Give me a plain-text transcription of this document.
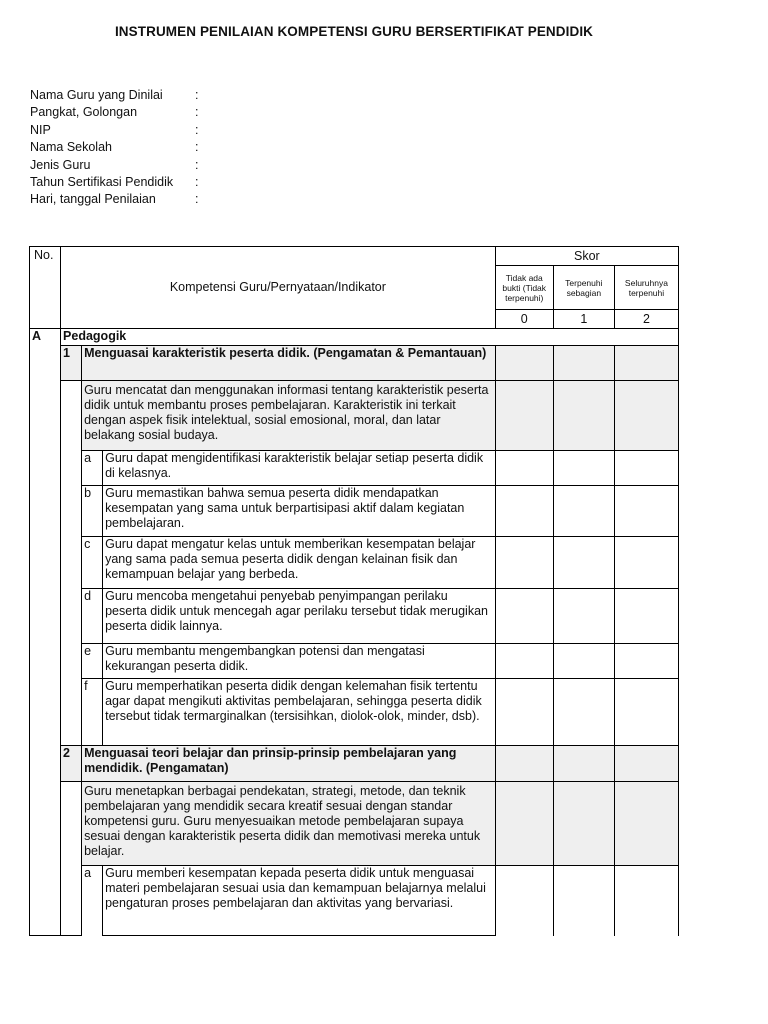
INSTRUMEN PENILAIAN KOMPETENSI GURU BERSERTIFIKAT PENDIDIK
Nama Guru yang Dinilai	:
Pangkat, Golongan	:
NIP	:
Nama Sekolah	:
Jenis Guru	:
Tahun Sertifikasi Pendidik	:
Hari, tanggal Penilaian	:
No.	Kompetensi Guru/Pernyataan/Indikator			Skor		
				Tidak ada bukti (Tidak terpenuhi)	Terpenuhi sebagian	Seluruhnya terpenuhi
				0	1	2
A	Pedagogik					
	1	Menguasai karakteristik peserta didik. (Pengamatan & Pemantauan)				
		Guru mencatat dan menggunakan informasi tentang karakteristik peserta didik untuk membantu proses pembelajaran. Karakteristik ini terkait dengan aspek fisik intelektual, sosial emosional, moral, dan latar belakang sosial budaya.				
		a	Guru dapat mengidentifikasi karakteristik belajar setiap peserta didik di kelasnya.			
		b	Guru memastikan bahwa semua peserta didik mendapatkan kesempatan yang sama untuk berpartisipasi aktif dalam kegiatan pembelajaran.			
		c	Guru dapat mengatur kelas untuk memberikan kesempatan belajar yang sama pada semua peserta didik dengan kelainan fisik dan kemampuan belajar yang berbeda.			
		d	Guru mencoba mengetahui penyebab penyimpangan perilaku peserta didik untuk mencegah agar perilaku tersebut tidak merugikan peserta didik lainnya.			
		e	Guru membantu mengembangkan potensi dan mengatasi kekurangan peserta didik.			
		f	Guru memperhatikan peserta didik dengan kelemahan fisik tertentu agar dapat mengikuti aktivitas pembelajaran, sehingga peserta didik tersebut tidak termarginalkan (tersisihkan, diolok-olok, minder, dsb).			
	2	Menguasai teori belajar dan prinsip-prinsip pembelajaran yang mendidik. (Pengamatan)				
		Guru menetapkan berbagai pendekatan, strategi, metode, dan teknik pembelajaran yang mendidik secara kreatif sesuai dengan standar kompetensi guru. Guru menyesuaikan metode pembelajaran supaya sesuai dengan karakteristik peserta didik dan memotivasi mereka untuk belajar.				
		a	Guru memberi kesempatan kepada peserta didik untuk menguasai materi pembelajaran sesuai usia dan kemampuan belajarnya melalui pengaturan proses pembelajaran dan aktivitas yang bervariasi.			
